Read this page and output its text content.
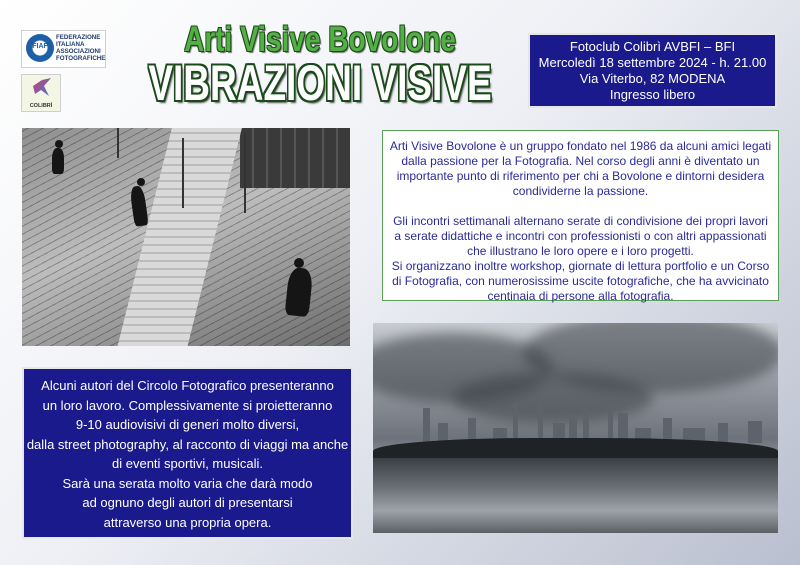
FIAF
FEDERAZIONE
ITALIANA
ASSOCIAZIONI
FOTOGRAFICHE
COLIBRÌ
Arti Visive Bovolone
VIBRAZIONI VISIVE
Fotoclub Colibrì AVBFI – BFI
Mercoledì 18 settembre 2024 - h. 21.00
Via Viterbo, 82 MODENA
Ingresso libero

Arti Visive Bovolone è un gruppo fondato nel 1986 da alcuni amici legati dalla passione per la Fotografia. Nel corso degli anni è diventato un importante punto di riferimento per chi a Bovolone e dintorni desidera condividerne la passione.

Gli incontri settimanali alternano serate di condivisione dei propri lavori a serate didattiche e incontri con professionisti o con altri appassionati che illustrano le loro opere e i loro progetti.

Si organizzano inoltre workshop, giornate di lettura portfolio e un Corso di Fotografia, con numerosissime uscite fotografiche, che ha avvicinato centinaia di persone alla fotografia.

Alcuni autori del Circolo Fotografico presenteranno
un loro lavoro. Complessivamente si proietteranno
9-10 audiovisivi di generi molto diversi,
dalla street photography, al racconto di viaggi ma anche
di eventi sportivi, musicali.
Sarà una serata molto varia che darà modo
ad ognuno degli autori di presentarsi
attraverso una propria opera.
